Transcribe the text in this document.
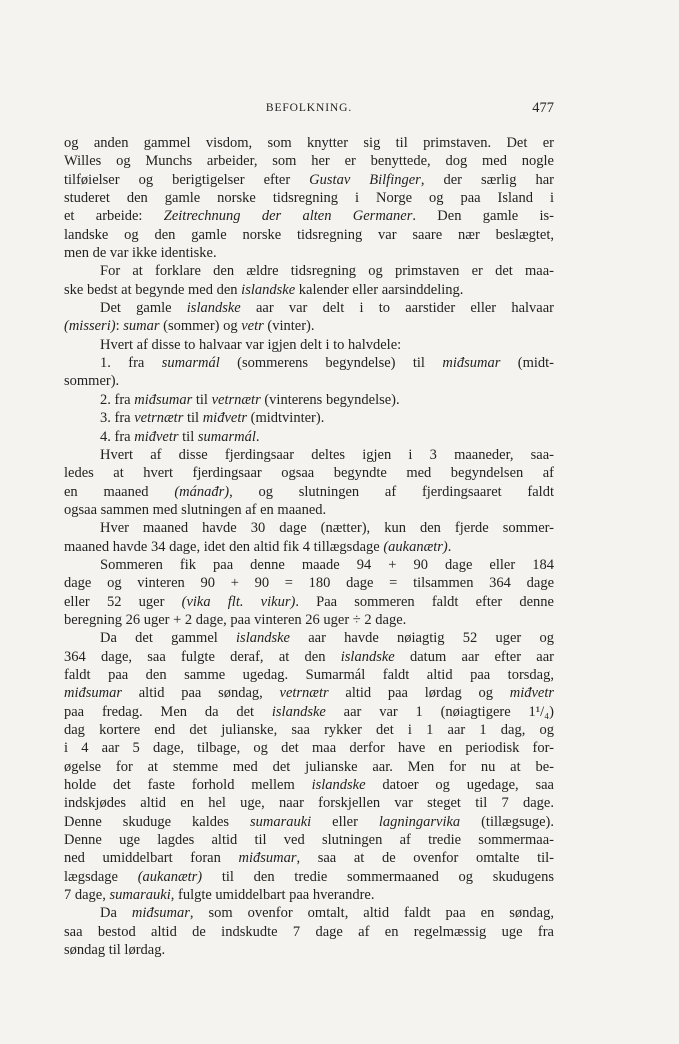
BEFOLKNING.	477
og anden gammel visdom, som knytter sig til primstaven. Det er
Willes og Munchs arbeider, som her er benyttede, dog med nogle
tilføielser og berigtigelser efter Gustav Bilfinger, der særlig har
studeret den gamle norske tidsregning i Norge og paa Island i
et arbeide: Zeitrechnung der alten Germaner. Den gamle is-
landske og den gamle norske tidsregning var saare nær beslægtet,
men de var ikke identiske.
For at forklare den ældre tidsregning og primstaven er det maa-
ske bedst at begynde med den islandske kalender eller aarsinddeling.
Det gamle islandske aar var delt i to aarstider eller halvaar
(misseri): sumar (sommer) og vetr (vinter).
Hvert af disse to halvaar var igjen delt i to halvdele:
1. fra sumarmál (sommerens begyndelse) til miđsumar (midt-
sommer).
2. fra miđsumar til vetrnætr (vinterens begyndelse).
3. fra vetrnætr til miđvetr (midtvinter).
4. fra miđvetr til sumarmál.
Hvert af disse fjerdingsaar deltes igjen i 3 maaneder, saa-
ledes at hvert fjerdingsaar ogsaa begyndte med begyndelsen af
en maaned (mánađr), og slutningen af fjerdingsaaret faldt
ogsaa sammen med slutningen af en maaned.
Hver maaned havde 30 dage (nætter), kun den fjerde sommer-
maaned havde 34 dage, idet den altid fik 4 tillægsdage (aukanætr).
Sommeren fik paa denne maade 94 + 90 dage eller 184
dage og vinteren 90 + 90 = 180 dage = tilsammen 364 dage
eller 52 uger (vika flt. vikur). Paa sommeren faldt efter denne
beregning 26 uger + 2 dage, paa vinteren 26 uger ÷ 2 dage.
Da det gammel islandske aar havde nøiagtig 52 uger og
364 dage, saa fulgte deraf, at den islandske datum aar efter aar
faldt paa den samme ugedag. Sumarmál faldt altid paa torsdag,
miđsumar altid paa søndag, vetrnætr altid paa lørdag og miđvetr
paa fredag. Men da det islandske aar var 1 (nøiagtigere 1¹/₄)
dag kortere end det julianske, saa rykker det i 1 aar 1 dag, og
i 4 aar 5 dage, tilbage, og det maa derfor have en periodisk for-
øgelse for at stemme med det julianske aar. Men for nu at be-
holde det faste forhold mellem islandske datoer og ugedage, saa
indskjødes altid en hel uge, naar forskjellen var steget til 7 dage.
Denne skuduge kaldes sumarauki eller lagningarvika (tillægsuge).
Denne uge lagdes altid til ved slutningen af tredie sommermaa-
ned umiddelbart foran miđsumar, saa at de ovenfor omtalte til-
lægsdage (aukanætr) til den tredie sommermaaned og skudugens
7 dage, sumarauki, fulgte umiddelbart paa hverandre.
Da miđsumar, som ovenfor omtalt, altid faldt paa en søndag,
saa bestod altid de indskudte 7 dage af en regelmæssig uge fra
søndag til lørdag.
